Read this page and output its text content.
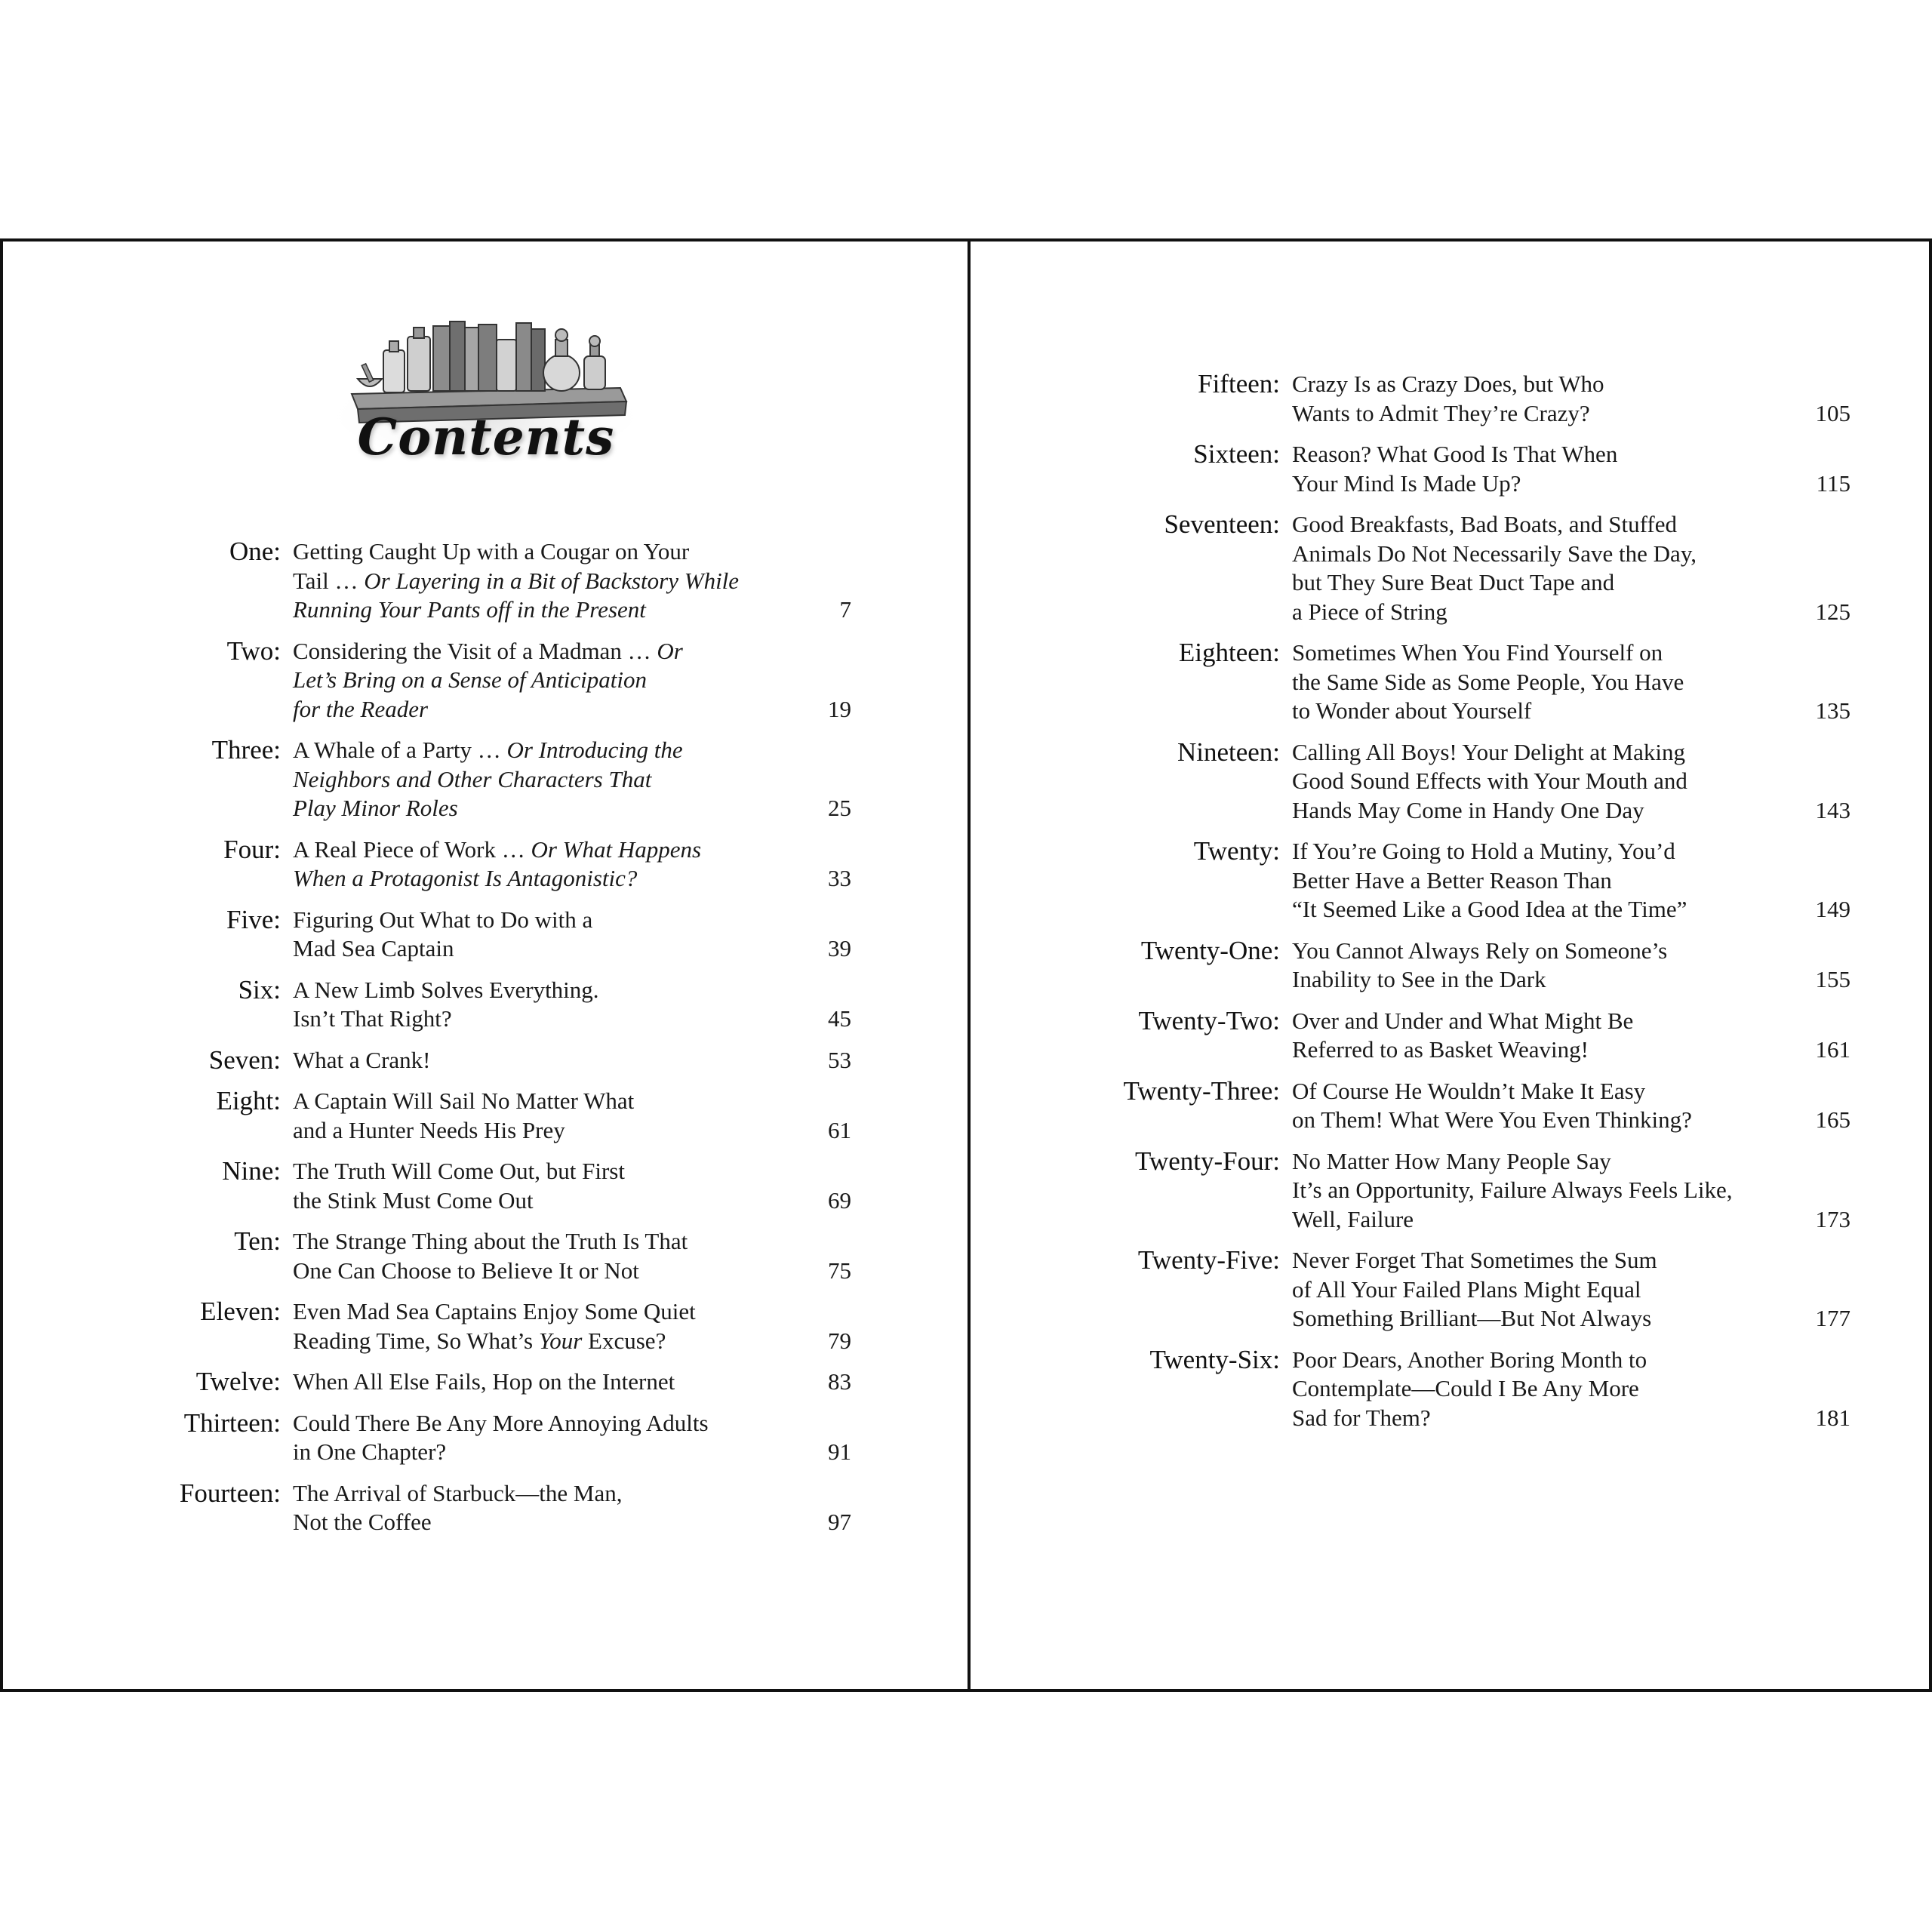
Contents
One: Getting Caught Up with a Cougar on Your
Tail … Or Layering in a Bit of Backstory While
Running Your Pants off in the Present	7
Two: Considering the Visit of a Madman … Or
Let’s Bring on a Sense of Anticipation
for the Reader	19
Three: A Whale of a Party … Or Introducing the
Neighbors and Other Characters That
Play Minor Roles	25
Four: A Real Piece of Work … Or What Happens
When a Protagonist Is Antagonistic?	33
Five: Figuring Out What to Do with a
Mad Sea Captain	39
Six: A New Limb Solves Everything.
Isn’t That Right?	45
Seven: What a Crank!	53
Eight: A Captain Will Sail No Matter What
and a Hunter Needs His Prey	61
Nine: The Truth Will Come Out, but First
the Stink Must Come Out	69
Ten: The Strange Thing about the Truth Is That
One Can Choose to Believe It or Not	75
Eleven: Even Mad Sea Captains Enjoy Some Quiet
Reading Time, So What’s Your Excuse?	79
Twelve: When All Else Fails, Hop on the Internet	83
Thirteen: Could There Be Any More Annoying Adults
in One Chapter?	91
Fourteen: The Arrival of Starbuck—the Man,
Not the Coffee	97
Fifteen: Crazy Is as Crazy Does, but Who
Wants to Admit They’re Crazy?	105
Sixteen: Reason? What Good Is That When
Your Mind Is Made Up?	115
Seventeen: Good Breakfasts, Bad Boats, and Stuffed
Animals Do Not Necessarily Save the Day,
but They Sure Beat Duct Tape and
a Piece of String	125
Eighteen: Sometimes When You Find Yourself on
the Same Side as Some People, You Have
to Wonder about Yourself	135
Nineteen: Calling All Boys! Your Delight at Making
Good Sound Effects with Your Mouth and
Hands May Come in Handy One Day	143
Twenty: If You’re Going to Hold a Mutiny, You’d
Better Have a Better Reason Than
“It Seemed Like a Good Idea at the Time”	149
Twenty-One: You Cannot Always Rely on Someone’s
Inability to See in the Dark	155
Twenty-Two: Over and Under and What Might Be
Referred to as Basket Weaving!	161
Twenty-Three: Of Course He Wouldn’t Make It Easy
on Them! What Were You Even Thinking?	165
Twenty-Four: No Matter How Many People Say
It’s an Opportunity, Failure Always Feels Like,
Well, Failure	173
Twenty-Five: Never Forget That Sometimes the Sum
of All Your Failed Plans Might Equal
Something Brilliant—But Not Always	177
Twenty-Six: Poor Dears, Another Boring Month to
Contemplate—Could I Be Any More
Sad for Them?	181
